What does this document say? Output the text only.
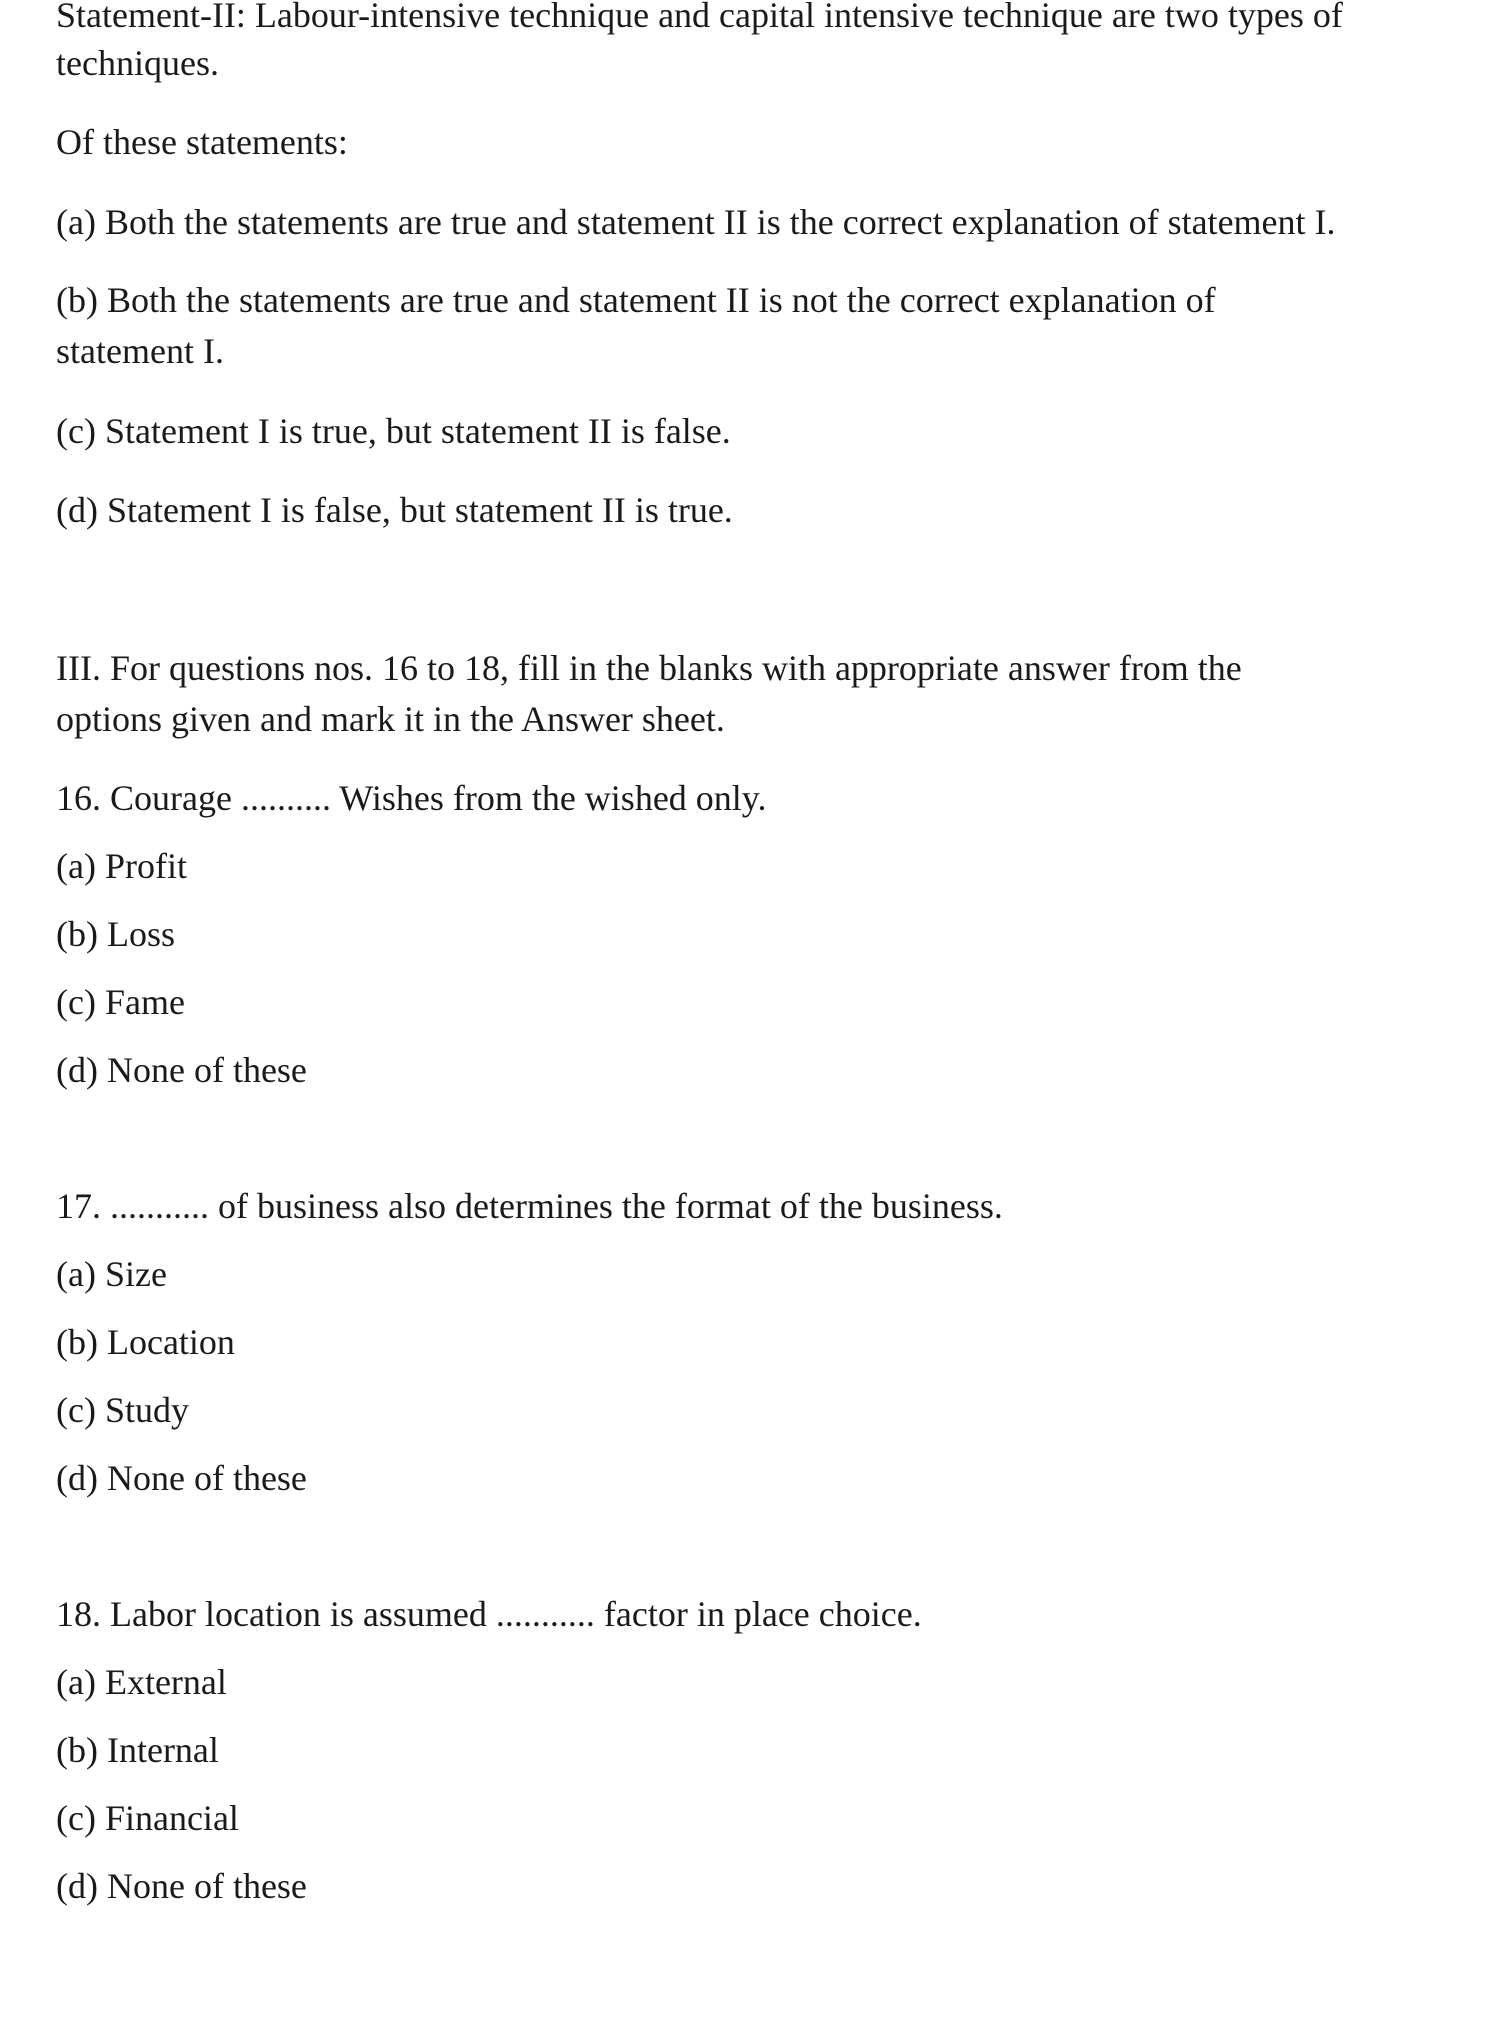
Statement-II: Labour-intensive technique and capital intensive technique are two types of
techniques.
Of these statements:
(a) Both the statements are true and statement II is the correct explanation of statement I.
(b) Both the statements are true and statement II is not the correct explanation of
statement I.
(c) Statement I is true, but statement II is false.
(d) Statement I is false, but statement II is true.
III. For questions nos. 16 to 18, fill in the blanks with appropriate answer from the
options given and mark it in the Answer sheet.
16. Courage .......... Wishes from the wished only.
(a) Profit
(b) Loss
(c) Fame
(d) None of these
17. ........... of business also determines the format of the business.
(a) Size
(b) Location
(c) Study
(d) None of these
18. Labor location is assumed ........... factor in place choice.
(a) External
(b) Internal
(c) Financial
(d) None of these
